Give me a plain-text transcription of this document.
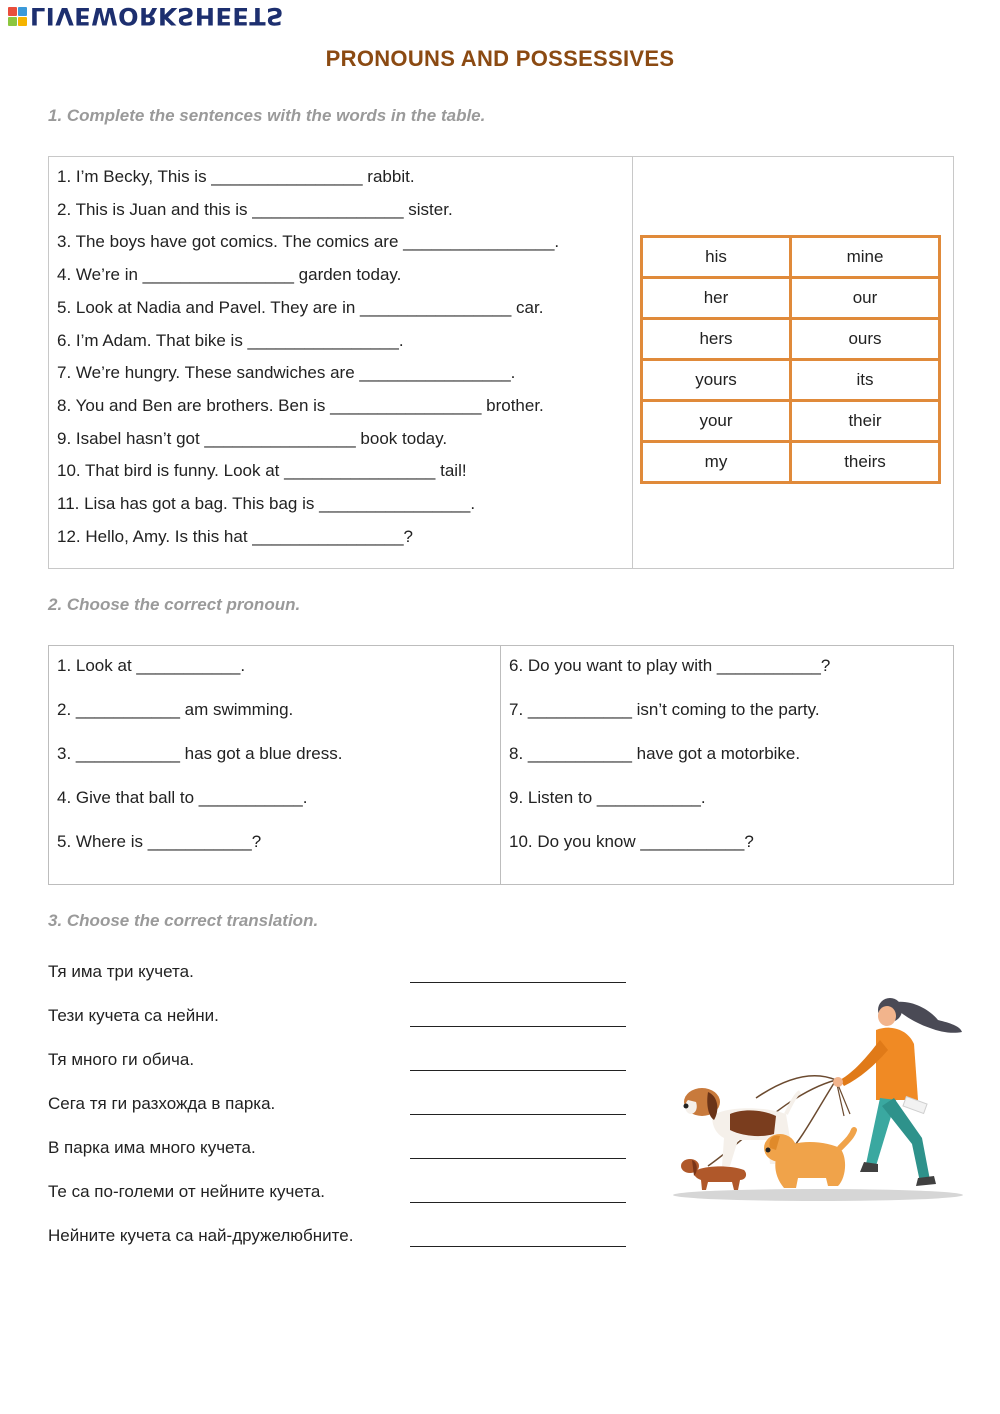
LIVEWORKSHEETS
PRONOUNS AND POSSESSIVES
1. Complete the sentences with the words in the table.
1. I’m Becky, This is ________________ rabbit.
2. This is Juan and this is ________________ sister.
3. The boys have got comics. The comics are ________________.
4. We’re in ________________ garden today.
5. Look at Nadia and Pavel. They are in ________________ car.
6. I’m Adam. That bike is ________________.
7. We’re hungry. These sandwiches are ________________.
8. You and Ben are brothers. Ben is ________________ brother.
9. Isabel hasn’t got ________________ book today.
10. That bird is funny. Look at ________________ tail!
11. Lisa has got a bag. This bag is ________________.
12. Hello, Amy. Is this hat ________________?
his	mine
her	our
hers	ours
yours	its
your	their
my	theirs
2. Choose the correct pronoun.
1. Look at ___________.
2. ___________ am swimming.
3. ___________ has got a blue dress.
4. Give that ball to ___________.
5. Where is ___________?
6. Do you want to play with ___________?
7. ___________ isn’t coming to the party.
8. ___________ have got a motorbike.
9. Listen to ___________.
10. Do you know ___________?
3. Choose the correct translation.
Тя има три кучета.
Тези кучета са нейни.
Тя много ги обича.
Сега тя ги разхожда в парка.
В парка има много кучета.
Те са по-големи от нейните кучета.
Нейните кучета са най-дружелюбните.
